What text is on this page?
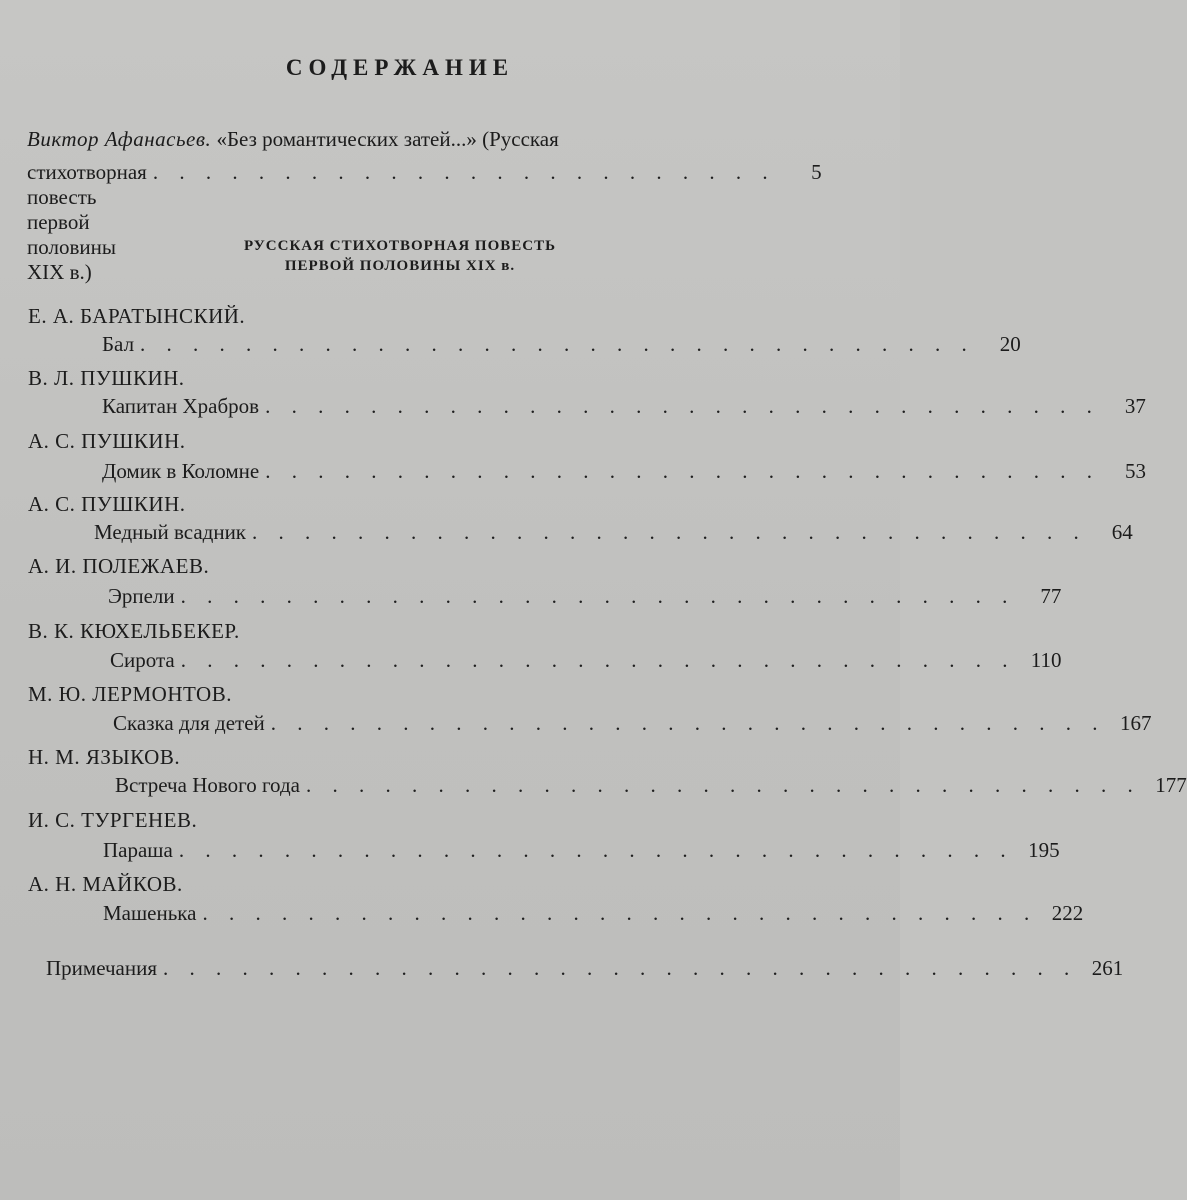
СОДЕРЖАНИЕ
Виктор Афанасьев. «Без романтических затей...» (Русская
стихотворная повесть первой половины XIX в.)
. . . . . . . . . . . . . . . . . . . . . . . .	5
РУССКАЯ СТИХОТВОРНАЯ ПОВЕСТЬ
ПЕРВОЙ ПОЛОВИНЫ XIX в.
Е. А. БАРАТЫНСКИЙ.
Бал . . . . . . . . . . . . . . . . . . . . . . . . . . . . . . . .	20
В. Л. ПУШКИН.
Капитан Храбров . . . . . . . . . . . . . . . . . . . . . . . . . . . . . . . .	37
А. С. ПУШКИН.
Домик в Коломне . . . . . . . . . . . . . . . . . . . . . . . . . . . . . . . .	53
А. С. ПУШКИН.
Медный всадник . . . . . . . . . . . . . . . . . . . . . . . . . . . . . . . .	64
А. И. ПОЛЕЖАЕВ.
Эрпели . . . . . . . . . . . . . . . . . . . . . . . . . . . . . . . .	77
В. К. КЮХЕЛЬБЕКЕР.
Сирота . . . . . . . . . . . . . . . . . . . . . . . . . . . . . . . . 110
М. Ю. ЛЕРМОНТОВ.
Сказка для детей . . . . . . . . . . . . . . . . . . . . . . . . . . . . . . . . 167
Н. М. ЯЗЫКОВ.
Встреча Нового года . . . . . . . . . . . . . . . . . . . . . . . . . . . . . . . . 177
И. С. ТУРГЕНЕВ.
Параша . . . . . . . . . . . . . . . . . . . . . . . . . . . . . . . . 195
А. Н. МАЙКОВ.
Машенька . . . . . . . . . . . . . . . . . . . . . . . . . . . . . . . . 222
Примечания . . . . . . . . . . . . . . . . . . . . . . . . . . . . . . . . . . . 261
